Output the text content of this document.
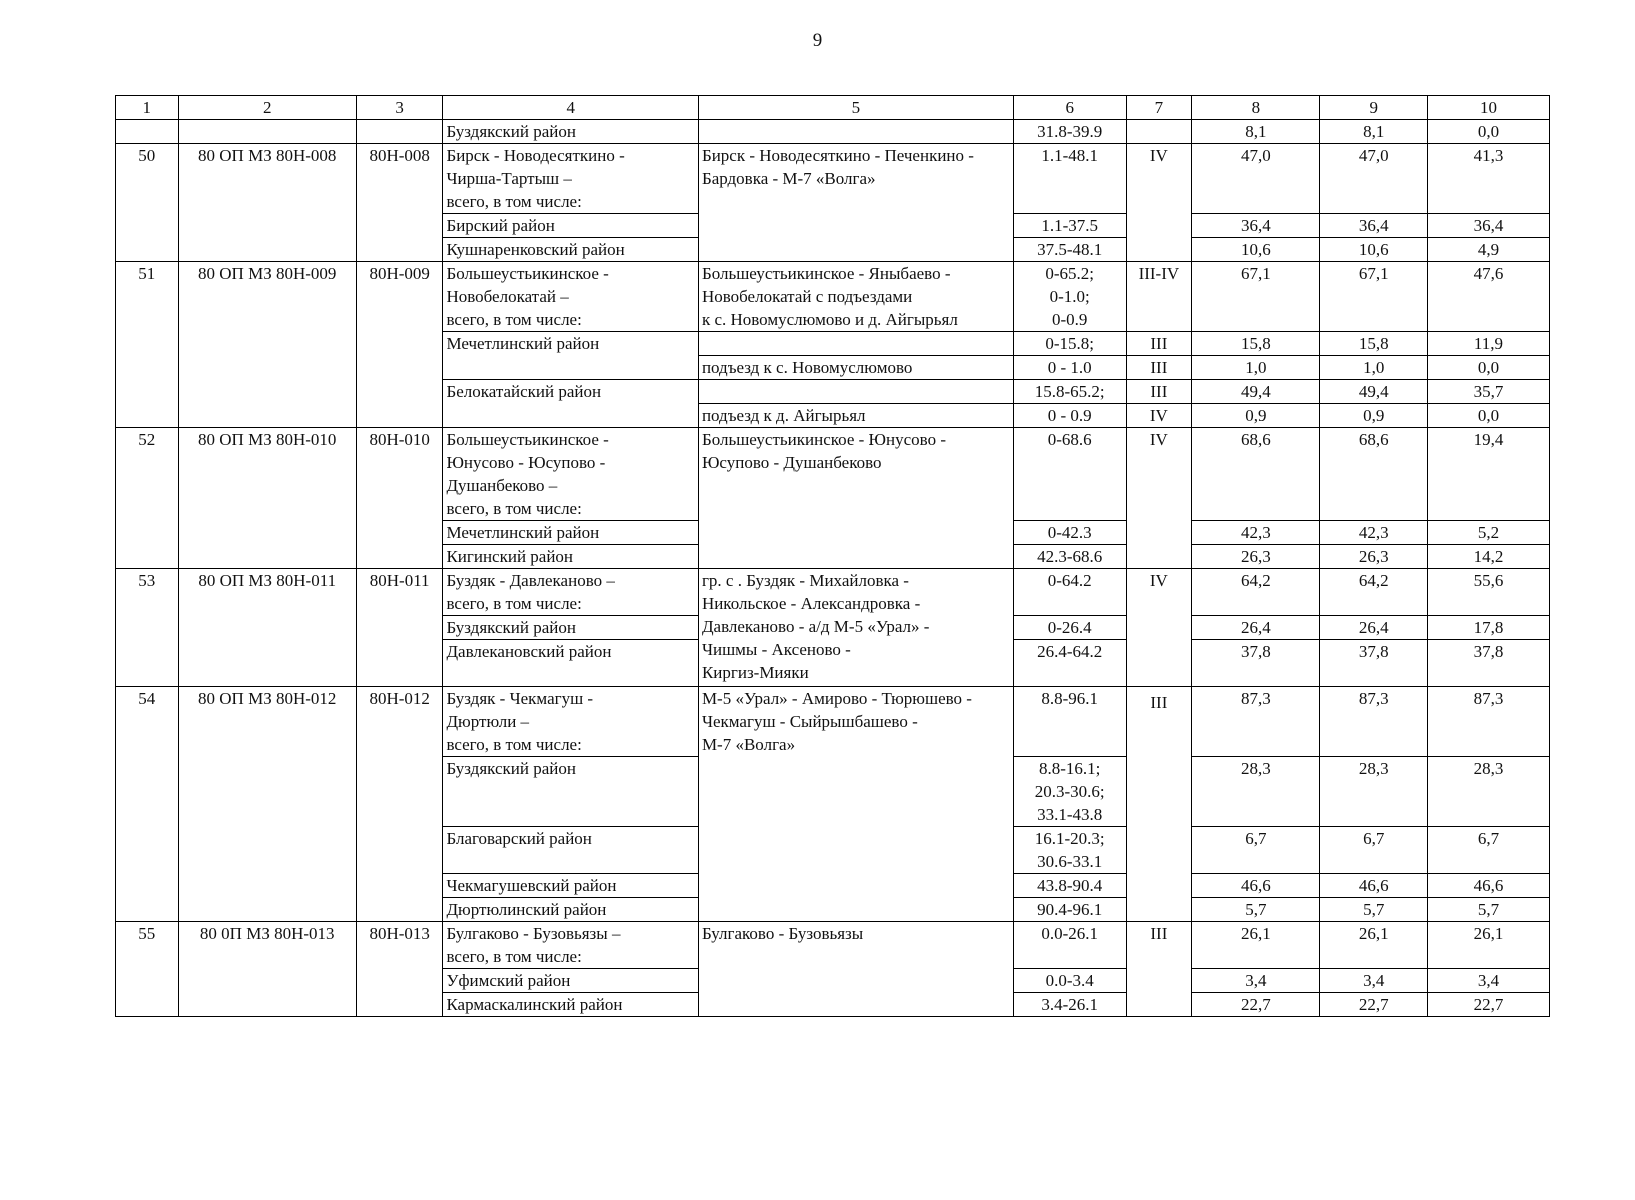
9
1	2	3	4	5	6	7	8	9	10
			Буздякский район		31.8-39.9		8,1	8,1	0,0
50	80 ОП МЗ 80Н-008	80Н-008	Бирск - Новодесяткино -
Чирша-Тартыш –
всего, в том числе:	Бирск - Новодесяткино - Печенкино -
Бардовка - М-7 «Волга»	1.1-48.1	IV	47,0	47,0	41,3
			Бирский район		1.1-37.5		36,4	36,4	36,4
			Кушнаренковский район		37.5-48.1		10,6	10,6	4,9
51	80 ОП МЗ 80Н-009	80Н-009	Большеустьикинское -
Новобелокатай –
всего, в том числе:	Большеустьикинское - Яныбаево -
Новобелокатай с подъездами
к с. Новомуслюмово и д. Айгырьял	0-65.2;
0-1.0;
0-0.9	III-IV	67,1	67,1	47,6
			Мечетлинский район		0-15.8;	III	15,8	15,8	11,9
				подъезд к с. Новомуслюмово	0 - 1.0	III	1,0	1,0	0,0
			Белокатайский район		15.8-65.2;	III	49,4	49,4	35,7
				подъезд к д. Айгырьял	0 - 0.9	IV	0,9	0,9	0,0
52	80 ОП МЗ 80Н-010	80Н-010	Большеустьикинское -
Юнусово - Юсупово -
Душанбеково –
всего, в том числе:	Большеустьикинское - Юнусово -
Юсупово - Душанбеково	0-68.6	IV	68,6	68,6	19,4
			Мечетлинский район		0-42.3		42,3	42,3	5,2
			Кигинский район		42.3-68.6		26,3	26,3	14,2
53	80 ОП МЗ 80Н-011	80Н-011	Буздяк - Давлеканово –
всего, в том числе:	гр. с . Буздяк - Михайловка -
Никольское - Александровка -
Давлеканово - а/д М-5 «Урал» -
Чишмы - Аксеново -
Киргиз-Мияки	0-64.2	IV	64,2	64,2	55,6
			Буздякский район		0-26.4		26,4	26,4	17,8
			Давлекановский район		26.4-64.2		37,8	37,8	37,8
54	80 ОП МЗ 80Н-012	80Н-012	Буздяк - Чекмагуш -
Дюртюли –
всего, в том числе:	М-5 «Урал» - Амирово - Тюрюшево -
Чекмагуш - Сыйрышбашево -
М-7 «Волга»	8.8-96.1	III	87,3	87,3	87,3
			Буздякский район		8.8-16.1;
20.3-30.6;
33.1-43.8		28,3	28,3	28,3
			Благоварский район		16.1-20.3;
30.6-33.1		6,7	6,7	6,7
			Чекмагушевский район		43.8-90.4		46,6	46,6	46,6
			Дюртюлинский район		90.4-96.1		5,7	5,7	5,7
55	80 0П МЗ 80Н-013	80Н-013	Булгаково - Бузовьязы –
всего, в том числе:	Булгаково - Бузовьязы	0.0-26.1	III	26,1	26,1	26,1
			Уфимский район		0.0-3.4		3,4	3,4	3,4
			Кармаскалинский район		3.4-26.1		22,7	22,7	22,7
